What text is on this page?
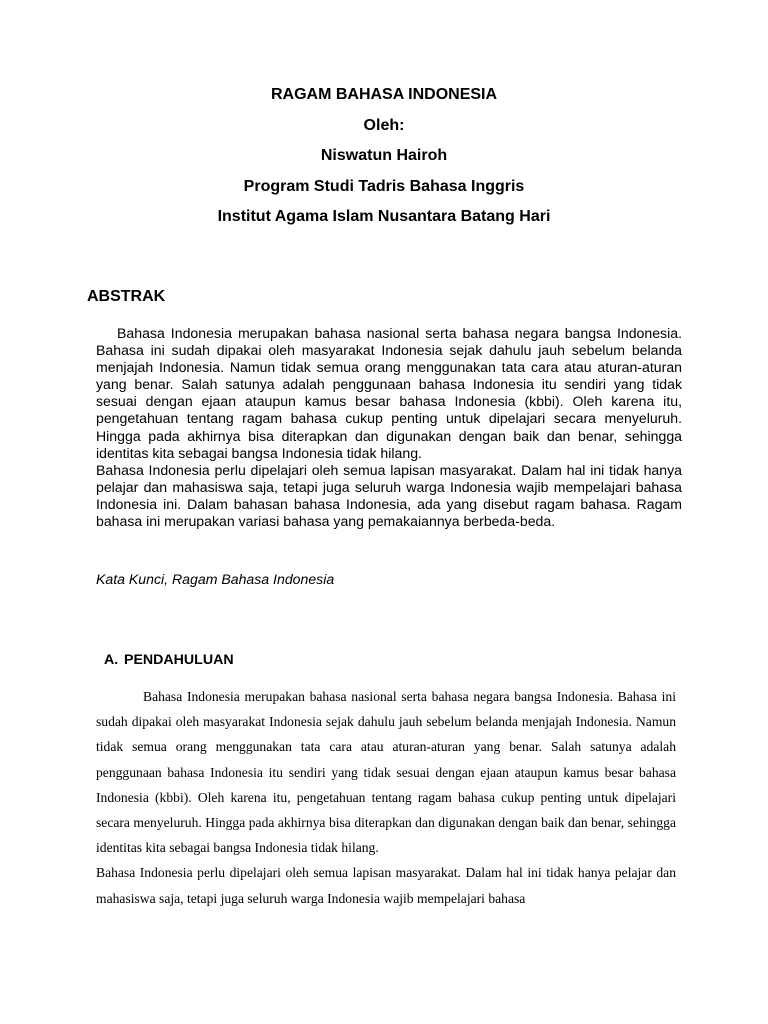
RAGAM BAHASA INDONESIA
Oleh:
Niswatun Hairoh
Program Studi Tadris Bahasa Inggris
Institut Agama Islam Nusantara Batang Hari
ABSTRAK

Bahasa Indonesia merupakan bahasa nasional serta bahasa negara bangsa Indonesia. Bahasa ini sudah dipakai oleh masyarakat Indonesia sejak dahulu jauh sebelum belanda menjajah Indonesia. Namun tidak semua orang menggunakan tata cara atau aturan-aturan yang benar. Salah satunya adalah penggunaan bahasa Indonesia itu sendiri yang tidak sesuai dengan ejaan ataupun kamus besar bahasa Indonesia (kbbi). Oleh karena itu, pengetahuan tentang ragam bahasa cukup penting untuk dipelajari secara menyeluruh. Hingga pada akhirnya bisa diterapkan dan digunakan dengan baik dan benar, sehingga identitas kita sebagai bangsa Indonesia tidak hilang.

Bahasa Indonesia perlu dipelajari oleh semua lapisan masyarakat. Dalam hal ini tidak hanya pelajar dan mahasiswa saja, tetapi juga seluruh warga Indonesia wajib mempelajari bahasa Indonesia ini. Dalam bahasan bahasa Indonesia, ada yang disebut ragam bahasa. Ragam bahasa ini merupakan variasi bahasa yang pemakaiannya berbeda-beda.

Kata Kunci, Ragam Bahasa Indonesia
A. PENDAHULUAN

Bahasa Indonesia merupakan bahasa nasional serta bahasa negara bangsa Indonesia. Bahasa ini sudah dipakai oleh masyarakat Indonesia sejak dahulu jauh sebelum belanda menjajah Indonesia. Namun tidak semua orang menggunakan tata cara atau aturan-aturan yang benar. Salah satunya adalah penggunaan bahasa Indonesia itu sendiri yang tidak sesuai dengan ejaan ataupun kamus besar bahasa Indonesia (kbbi). Oleh karena itu, pengetahuan tentang ragam bahasa cukup penting untuk dipelajari secara menyeluruh. Hingga pada akhirnya bisa diterapkan dan digunakan dengan baik dan benar, sehingga identitas kita sebagai bangsa Indonesia tidak hilang.

Bahasa Indonesia perlu dipelajari oleh semua lapisan masyarakat. Dalam hal ini tidak hanya pelajar dan mahasiswa saja, tetapi juga seluruh warga Indonesia wajib mempelajari bahasa
